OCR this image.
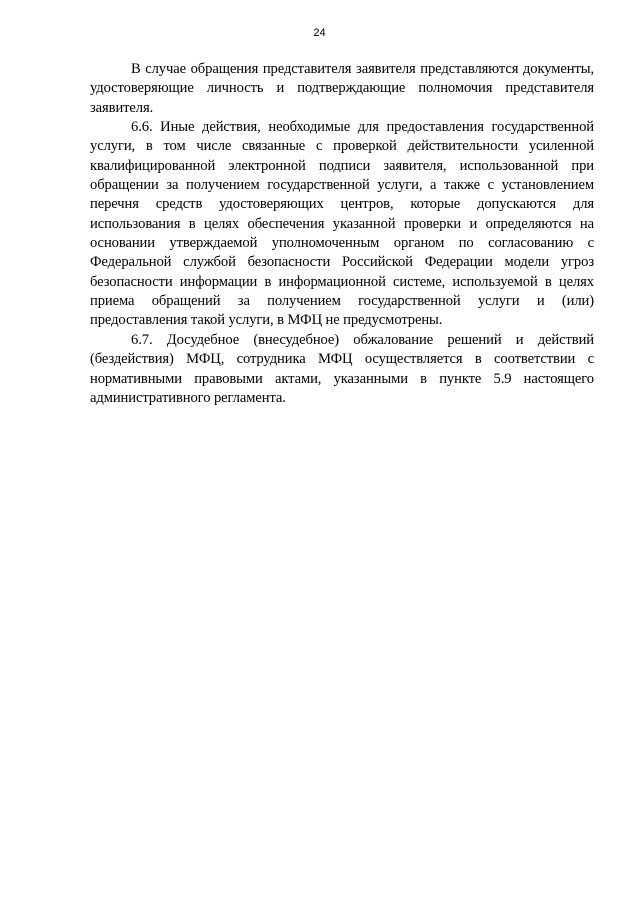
24

В случае обращения представителя заявителя представляются документы, удостоверяющие личность и подтверждающие полномочия представителя заявителя.

6.6. Иные действия, необходимые для предоставления государственной услуги, в том числе связанные с проверкой действительности усиленной квалифицированной электронной подписи заявителя, использованной при обращении за получением государственной услуги, а также с установлением перечня средств удостоверяющих центров, которые допускаются для использования в целях обеспечения указанной проверки и определяются на основании утверждаемой уполномоченным органом по согласованию с Федеральной службой безопасности Российской Федерации модели угроз безопасности информации в информационной системе, используемой в целях приема обращений за получением государственной услуги и (или) предоставления такой услуги, в МФЦ не предусмотрены.

6.7. Досудебное (внесудебное) обжалование решений и действий (бездействия) МФЦ, сотрудника МФЦ осуществляется в соответствии с нормативными правовыми актами, указанными в пункте 5.9 настоящего административного регламента.
